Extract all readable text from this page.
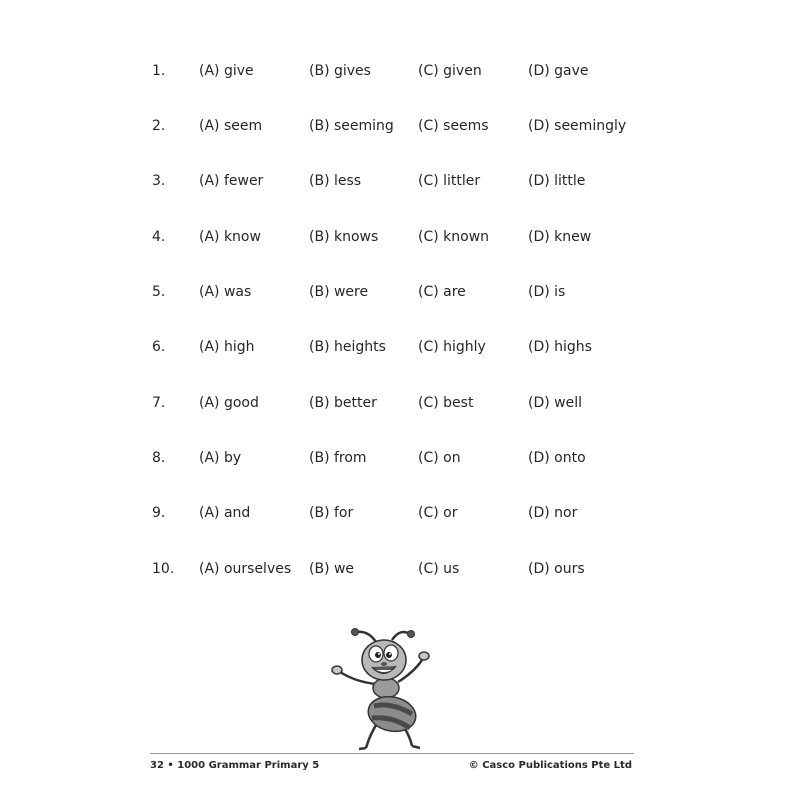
1. (A) give	(B) gives	(C) given	(D) gave
2. (A) seem	(B) seeming (C) seems	(D) seemingly
3. (A) fewer	(B) less	(C) littler	(D) little
4. (A) know	(B) knows	(C) known	(D) knew
5. (A) was	(B) were	(C) are	(D) is
6. (A) high	(B) heights (C) highly	(D) highs
7. (A) good	(B) better	(C) best	(D) well
8. (A) by	(B) from	(C) on	(D) onto
9. (A) and	(B) for	(C) or	(D) nor
10. (A) ourselves (B) we	(C) us	(D) ours
32 • 1000 Grammar Primary 5	© Casco Publications Pte Ltd
